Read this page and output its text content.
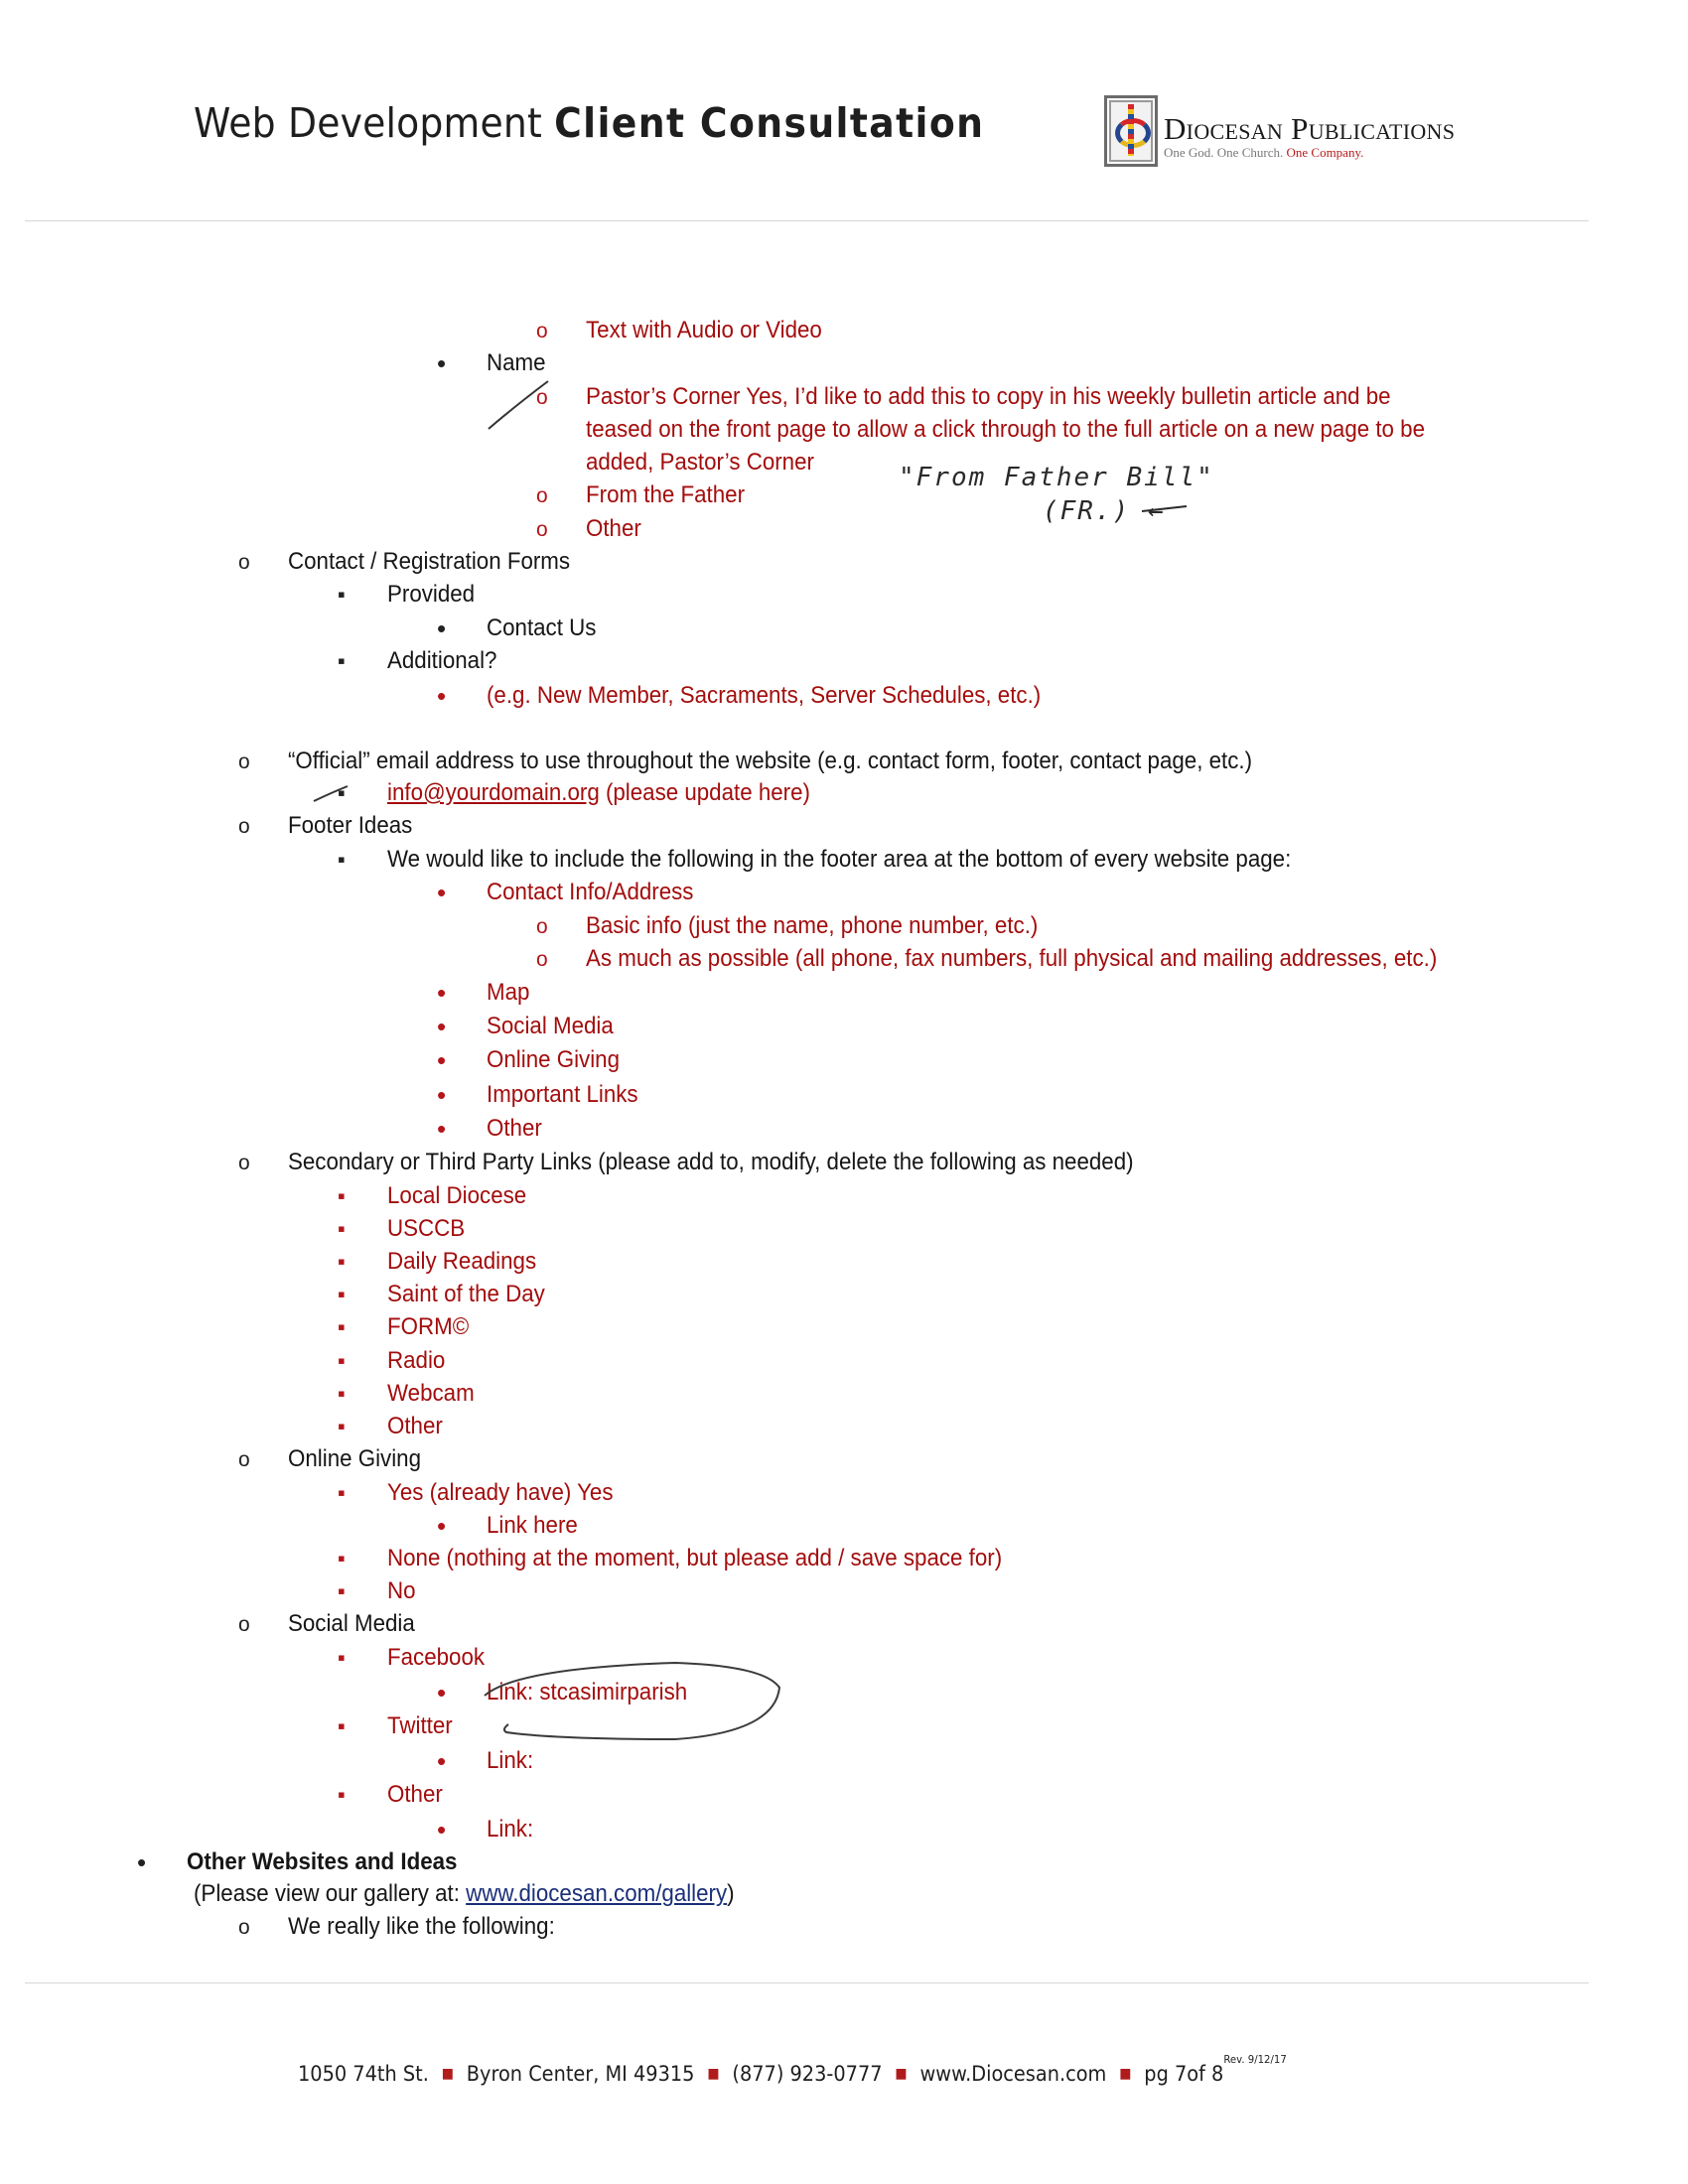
Web Development Client Consultation	Diocesan Publications
One God. One Church. One Company.
o
Text with Audio or Video
•
Name
o
Pastor’s Corner Yes, I’d like to add this to copy in his weekly bulletin article and be
teased on the front page to allow a click through to the full article on a new page to be
added, Pastor’s Corner
o
From the Father
o
Other
"From Father Bill"
(FR.) ←
o
Contact / Registration Forms
▪
Provided
•
Contact Us
▪
Additional?
•
(e.g. New Member, Sacraments, Server Schedules, etc.)
o
“Official” email address to use throughout the website (e.g. contact form, footer, contact page, etc.)
▪
info@yourdomain.org (please update here)
o
Footer Ideas
▪
We would like to include the following in the footer area at the bottom of every website page:
•
Contact Info/Address
o
Basic info (just the name, phone number, etc.)
o
As much as possible (all phone, fax numbers, full physical and mailing addresses, etc.)
•
Map
•
Social Media
•
Online Giving
•
Important Links
•
Other
o
Secondary or Third Party Links (please add to, modify, delete the following as needed)
▪
Local Diocese
▪
USCCB
▪
Daily Readings
▪
Saint of the Day
▪
FORM©
▪
Radio
▪
Webcam
▪
Other
o
Online Giving
▪
Yes (already have) Yes
•
Link here
▪
None (nothing at the moment, but please add / save space for)
▪
No
o
Social Media
▪
Facebook
•
Link: stcasimirparish
▪
Twitter
•
Link:
▪
Other
•
Link:
•
Other Websites and Ideas
(Please view our gallery at: www.diocesan.com/gallery)
o
We really like the following:
1050 74th St. ■ Byron Center, MI 49315 ■ (877) 923-0777 ■ www.Diocesan.com ■ pg 7of $8^{Rev. 9/12/17}$
